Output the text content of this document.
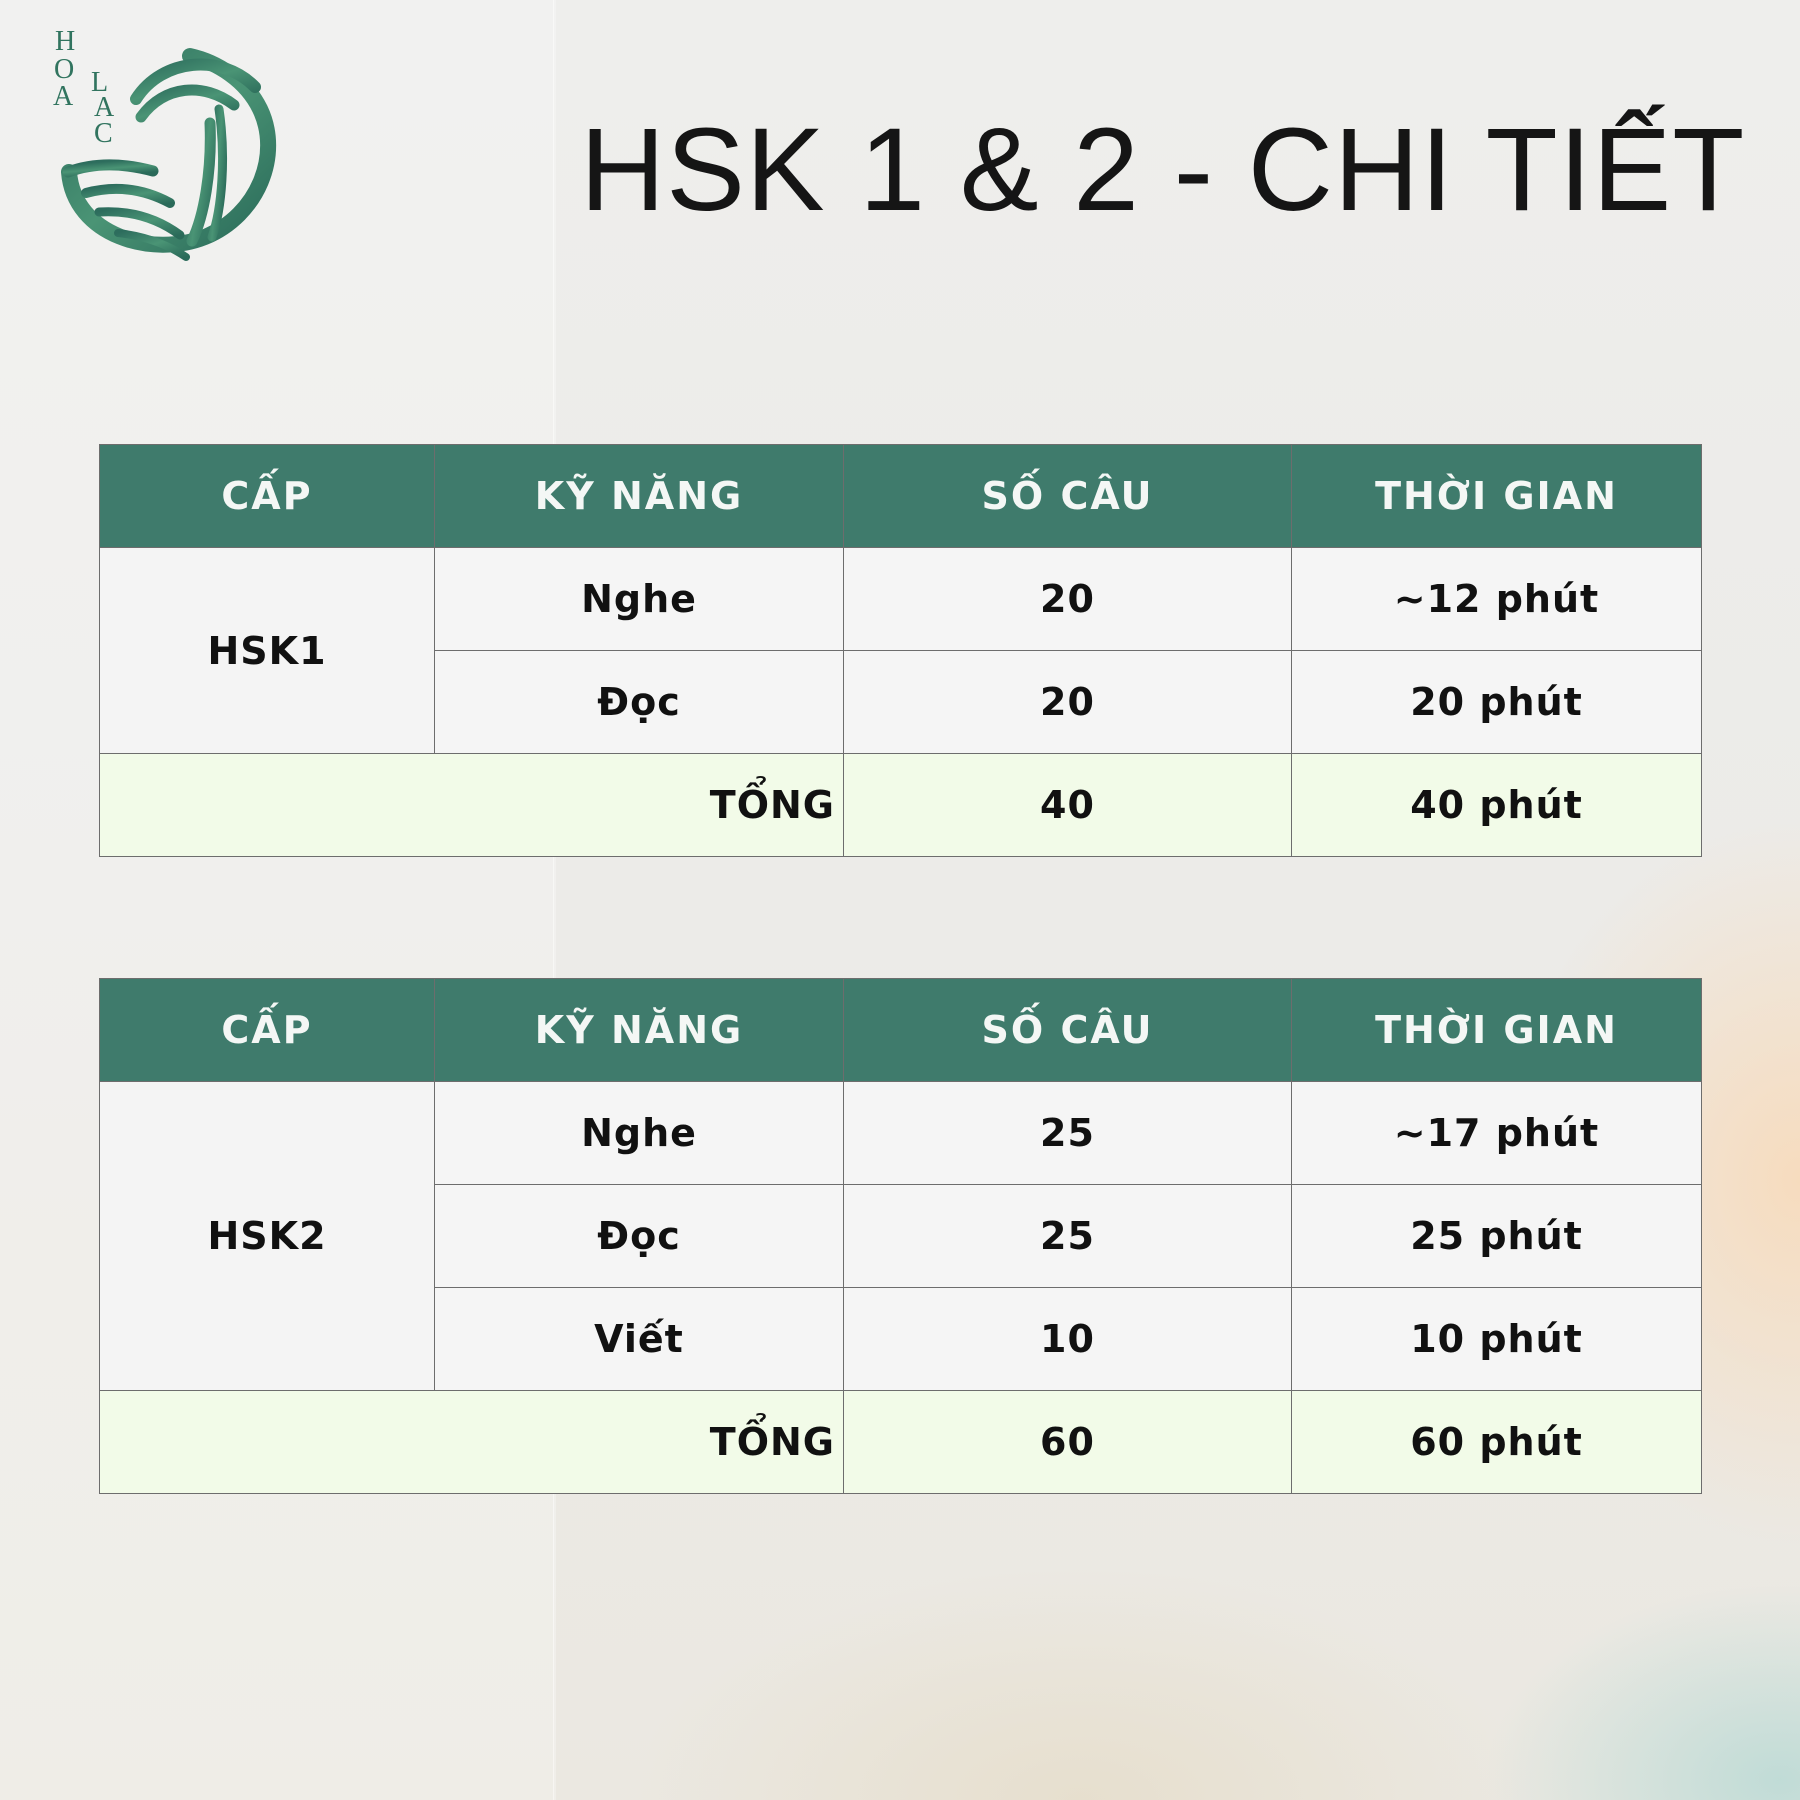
H
O
A L
A
C	HSK 1 & 2 - CHI TIẾT
CẤP	KỸ NĂNG	SỐ CÂU	THỜI GIAN
HSK1	Nghe	20	~12 phút
	Đọc	20	20 phút
TỔNG		40	40 phút
CẤP	KỸ NĂNG	SỐ CÂU	THỜI GIAN
HSK2	Nghe	25	~17 phút
	Đọc	25	25 phút
	Viết	10	10 phút
TỔNG		60	60 phút
